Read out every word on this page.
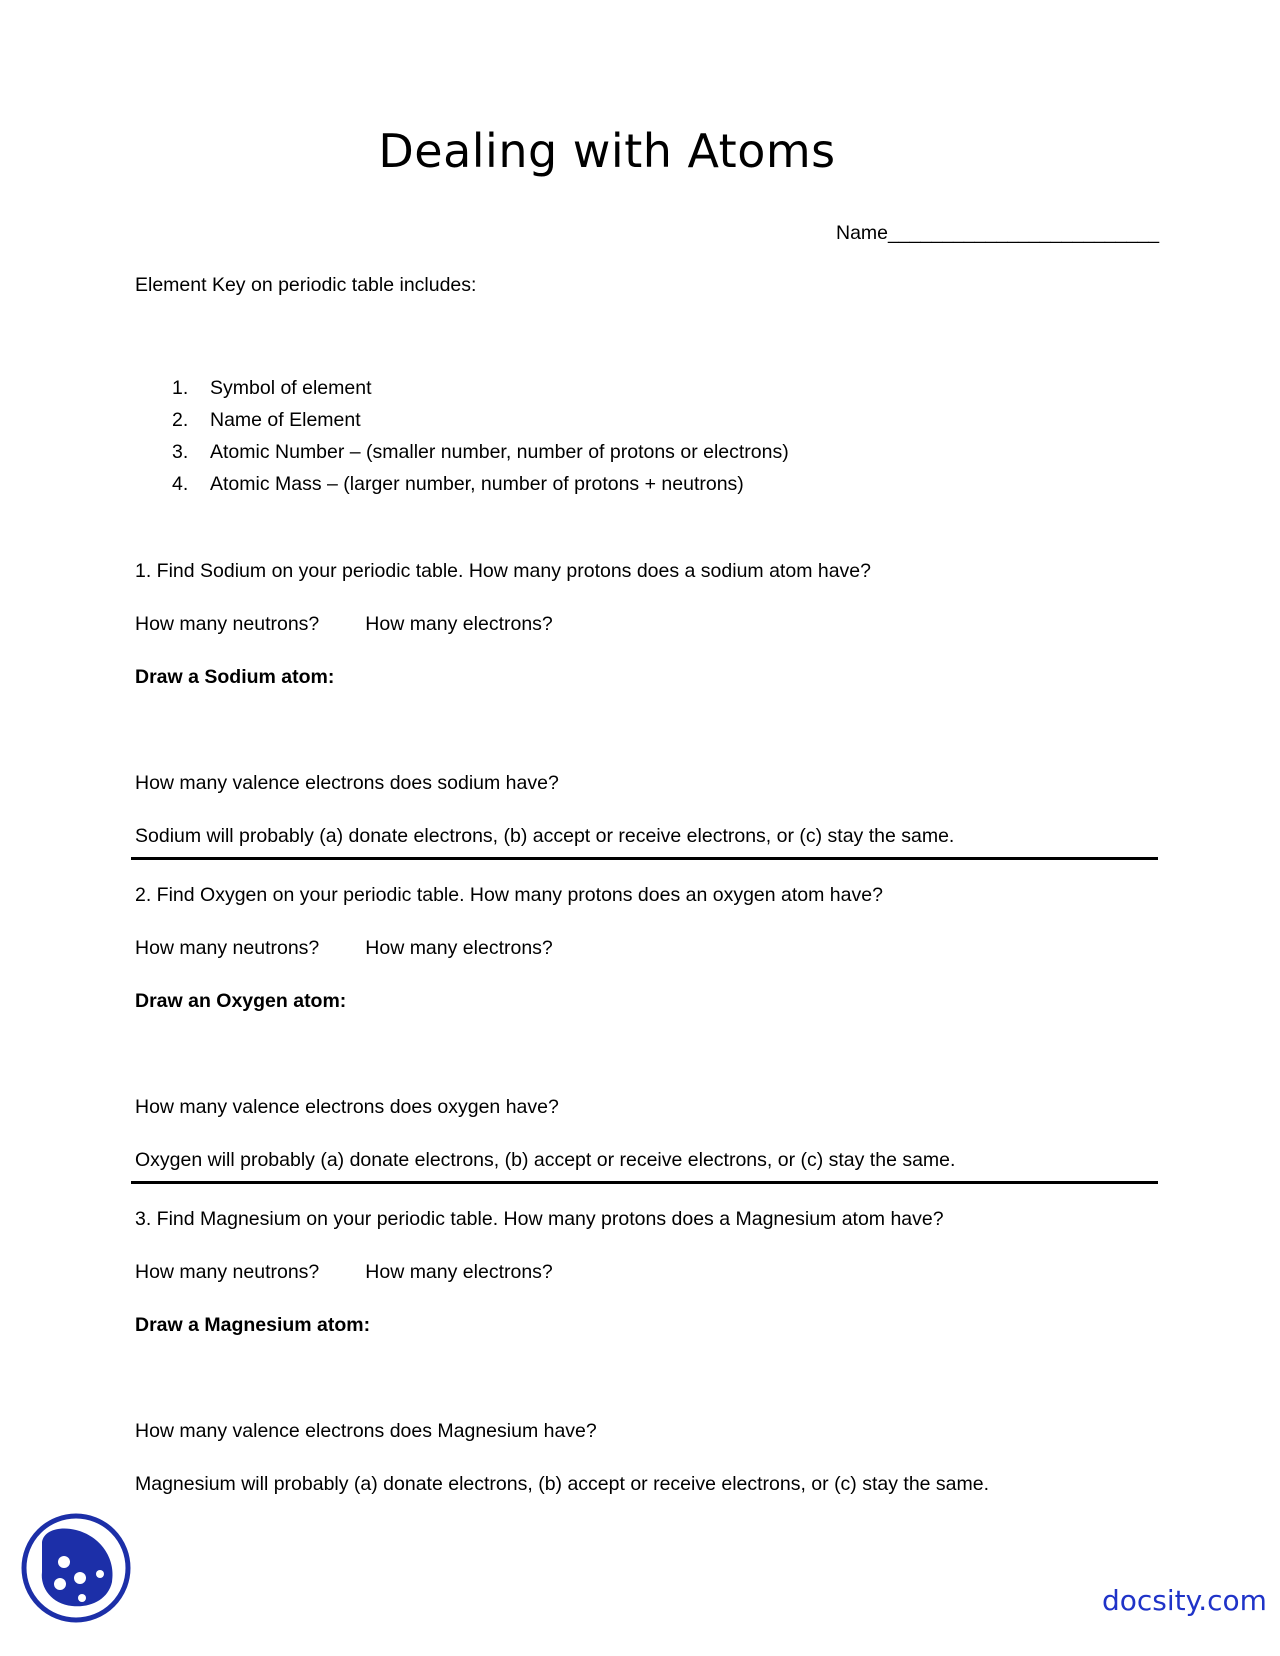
Dealing with Atoms
Name_________________________
Element Key on periodic table includes:
1. Symbol of element
2. Name of Element
3. Atomic Number – (smaller number, number of protons or electrons)
4. Atomic Mass – (larger number, number of protons + neutrons)
1. Find Sodium on your periodic table. How many protons does a sodium atom have?
How many neutrons? How many electrons?
Draw a Sodium atom:
How many valence electrons does sodium have?
Sodium will probably (a) donate electrons, (b) accept or receive electrons, or (c) stay the same.
2. Find Oxygen on your periodic table. How many protons does an oxygen atom have?
How many neutrons? How many electrons?
Draw an Oxygen atom:
How many valence electrons does oxygen have?
Oxygen will probably (a) donate electrons, (b) accept or receive electrons, or (c) stay the same.
3. Find Magnesium on your periodic table. How many protons does a Magnesium atom have?
How many neutrons? How many electrons?
Draw a Magnesium atom:
How many valence electrons does Magnesium have?
Magnesium will probably (a) donate electrons, (b) accept or receive electrons, or (c) stay the same.
docsity.com
